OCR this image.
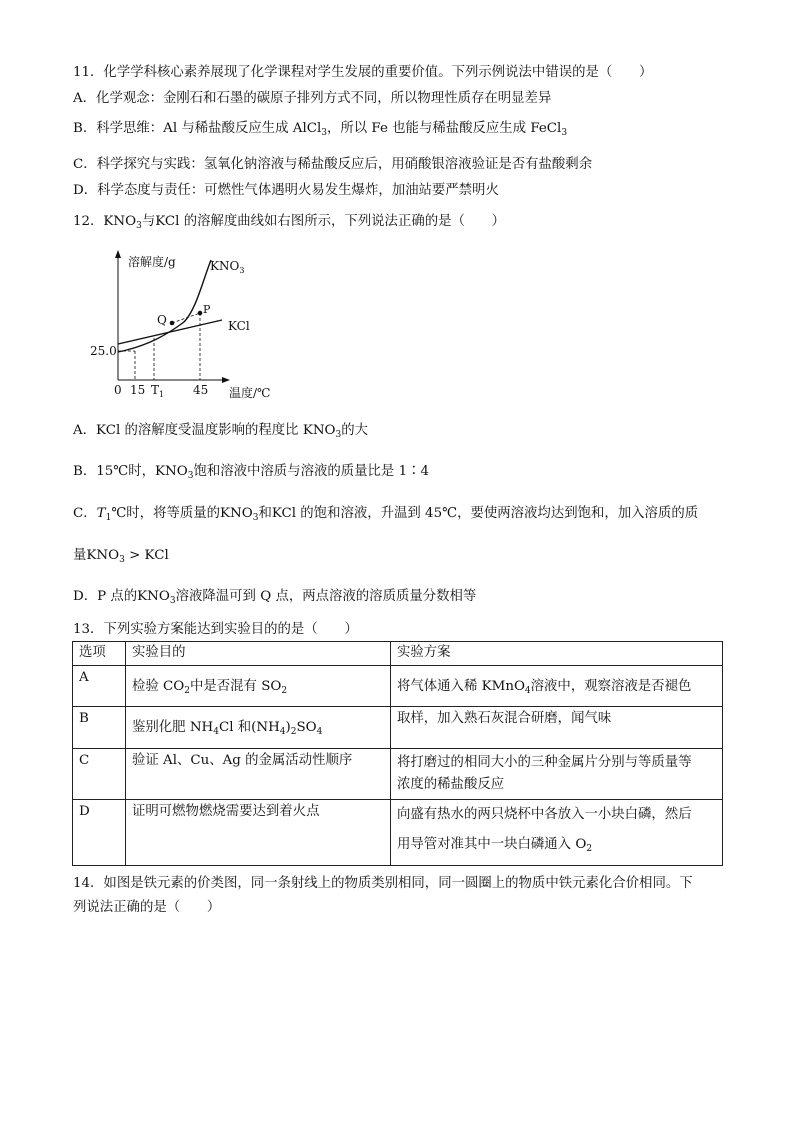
11．化学学科核心素养展现了化学课程对学生发展的重要价值。下列示例说法中错误的是（　　）
A．化学观念：金刚石和石墨的碳原子排列方式不同，所以物理性质存在明显差异
B．科学思维：Al 与稀盐酸反应生成 AlCl$_3$，所以 Fe 也能与稀盐酸反应生成 FeCl$_3$
C．科学探究与实践：氢氧化钠溶液与稀盐酸反应后，用硝酸银溶液验证是否有盐酸剩余
D．科学态度与责任：可燃性气体遇明火易发生爆炸，加油站要严禁明火
12．$KNO_3$与KCl 的溶解度曲线如右图所示，下列说法正确的是（　　）
溶解度/g	$KNO_3$
KCl
Q
P
25.0
0 15 $T_1$ 45 温度/℃
A．KCl 的溶解度受温度影响的程度比 $KNO_3$的大
B．15℃时，$KNO_3$饱和溶液中溶质与溶液的质量比是 1∶4
C．$T_1℃$时，将等质量的$KNO_3$和KCl 的饱和溶液，升温到 45℃，要使两溶液均达到饱和，加入溶质的质
量$KNO_3$ > KCl
D．P 点的$KNO_3$溶液降温可到 Q 点，两点溶液的溶质质量分数相等
13．下列实验方案能达到实验目的的是（　　）
选项	实验目的	实验方案
A	检验 $CO_2$中是否混有 $SO_2$	将气体通入稀 KMnO$_4$溶液中，观察溶液是否褪色
B	鉴别化肥 $NH_4Cl$ 和$(NH_4)_2SO_4$	取样，加入熟石灰混合研磨，闻气味
C	验证 Al、Cu、Ag 的金属活动性顺序	将打磨过的相同大小的三种金属片分别与等质量等
浓度的稀盐酸反应

D	证明可燃物燃烧需要达到着火点	向盛有热水的两只烧杯中各放入一小块白磷，然后
用导管对准其中一块白磷通入 $O_2$
14．如图是铁元素的价类图，同一条射线上的物质类别相同，同一圆圈上的物质中铁元素化合价相同。下
列说法正确的是（　　）
